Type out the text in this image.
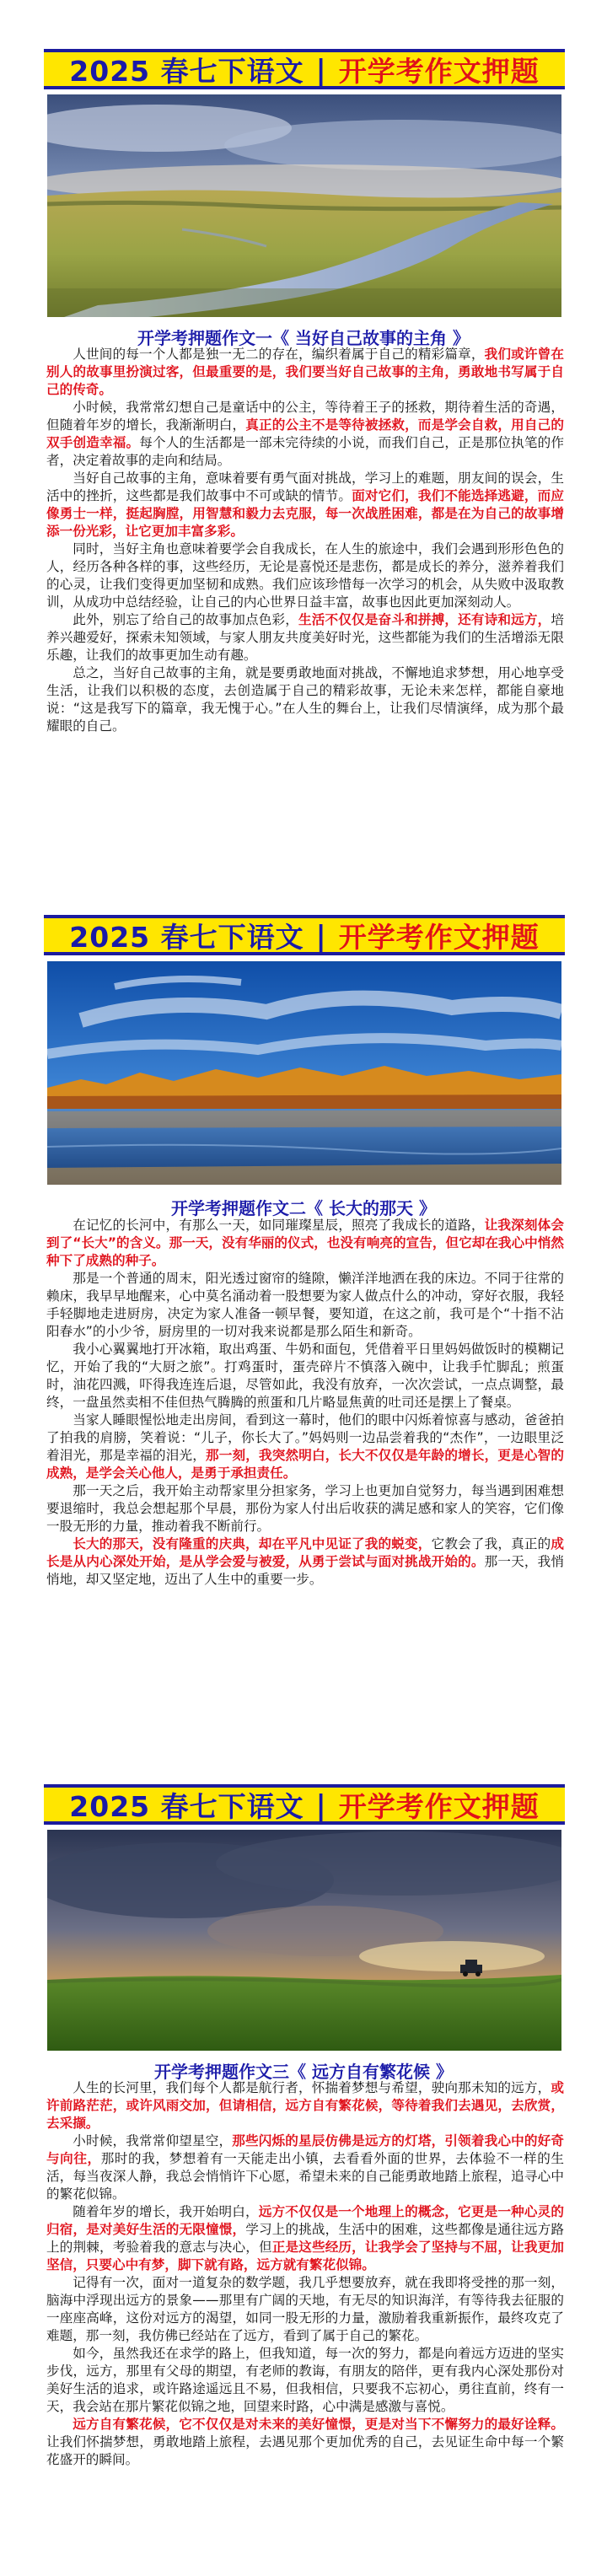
2025 春七下语文 | 开学考作文押题
开学考押题作文一《 当好自己故事的主角 》

人世间的每一个人都是独一无二的存在，编织着属于自己的精彩篇章，我们或许曾在别人的故事里扮演过客，但最重要的是，我们要当好自己故事的主角，勇敢地书写属于自己的传奇。

小时候，我常常幻想自己是童话中的公主，等待着王子的拯救，期待着生活的奇遇，但随着年岁的增长，我渐渐明白，真正的公主不是等待被拯救，而是学会自救，用自己的双手创造幸福。每个人的生活都是一部未完待续的小说，而我们自己，正是那位执笔的作者，决定着故事的走向和结局。

当好自己故事的主角，意味着要有勇气面对挑战，学习上的难题，朋友间的误会，生活中的挫折，这些都是我们故事中不可或缺的情节。面对它们，我们不能选择逃避，而应像勇士一样，挺起胸膛，用智慧和毅力去克服，每一次战胜困难，都是在为自己的故事增添一份光彩，让它更加丰富多彩。

同时，当好主角也意味着要学会自我成长，在人生的旅途中，我们会遇到形形色色的人，经历各种各样的事，这些经历，无论是喜悦还是悲伤，都是成长的养分，滋养着我们的心灵，让我们变得更加坚韧和成熟。我们应该珍惜每一次学习的机会，从失败中汲取教训，从成功中总结经验，让自己的内心世界日益丰富，故事也因此更加深刻动人。

此外，别忘了给自己的故事加点色彩，生活不仅仅是奋斗和拼搏，还有诗和远方，培养兴趣爱好，探索未知领域，与家人朋友共度美好时光，这些都能为我们的生活增添无限乐趣，让我们的故事更加生动有趣。

总之，当好自己故事的主角，就是要勇敢地面对挑战，不懈地追求梦想，用心地享受生活，让我们以积极的态度，去创造属于自己的精彩故事，无论未来怎样，都能自豪地说：“这是我写下的篇章，我无愧于心。”在人生的舞台上，让我们尽情演绎，成为那个最耀眼的自己。

2025 春七下语文 | 开学考作文押题
开学考押题作文二《 长大的那天 》

在记忆的长河中，有那么一天，如同璀璨星辰，照亮了我成长的道路，让我深刻体会到了“长大”的含义。那一天，没有华丽的仪式，也没有响亮的宣告，但它却在我心中悄然种下了成熟的种子。

那是一个普通的周末，阳光透过窗帘的缝隙，懒洋洋地洒在我的床边。不同于往常的赖床，我早早地醒来，心中莫名涌动着一股想要为家人做点什么的冲动，穿好衣服，我轻手轻脚地走进厨房，决定为家人准备一顿早餐，要知道，在这之前，我可是个“十指不沾阳春水”的小少爷，厨房里的一切对我来说都是那么陌生和新奇。

我小心翼翼地打开冰箱，取出鸡蛋、牛奶和面包，凭借着平日里妈妈做饭时的模糊记忆，开始了我的“大厨之旅”。打鸡蛋时，蛋壳碎片不慎落入碗中，让我手忙脚乱；煎蛋时，油花四溅，吓得我连连后退，尽管如此，我没有放弃，一次次尝试，一点点调整，最终，一盘虽然卖相不佳但热气腾腾的煎蛋和几片略显焦黄的吐司还是摆上了餐桌。

当家人睡眼惺忪地走出房间，看到这一幕时，他们的眼中闪烁着惊喜与感动，爸爸拍了拍我的肩膀，笑着说：“儿子，你长大了。”妈妈则一边品尝着我的“杰作”，一边眼里泛着泪光，那是幸福的泪光，那一刻，我突然明白，长大不仅仅是年龄的增长，更是心智的成熟，是学会关心他人，是勇于承担责任。

那一天之后，我开始主动帮家里分担家务，学习上也更加自觉努力，每当遇到困难想要退缩时，我总会想起那个早晨，那份为家人付出后收获的满足感和家人的笑容，它们像一股无形的力量，推动着我不断前行。

长大的那天，没有隆重的庆典，却在平凡中见证了我的蜕变，它教会了我，真正的成长是从内心深处开始，是从学会爱与被爱，从勇于尝试与面对挑战开始的。那一天，我悄悄地，却又坚定地，迈出了人生中的重要一步。

2025 春七下语文 | 开学考作文押题
开学考押题作文三《 远方自有繁花候 》

人生的长河里，我们每个人都是航行者，怀揣着梦想与希望，驶向那未知的远方，或许前路茫茫，或许风雨交加，但请相信，远方自有繁花候，等待着我们去遇见，去欣赏，去采撷。

小时候，我常常仰望星空，那些闪烁的星辰仿佛是远方的灯塔，引领着我心中的好奇与向往，那时的我，梦想着有一天能走出小镇，去看看外面的世界，去体验不一样的生活，每当夜深人静，我总会悄悄许下心愿，希望未来的自己能勇敢地踏上旅程，追寻心中的繁花似锦。

随着年岁的增长，我开始明白，远方不仅仅是一个地理上的概念，它更是一种心灵的归宿，是对美好生活的无限憧憬，学习上的挑战，生活中的困难，这些都像是通往远方路上的荆棘，考验着我的意志与决心，但正是这些经历，让我学会了坚持与不屈，让我更加坚信，只要心中有梦，脚下就有路，远方就有繁花似锦。

记得有一次，面对一道复杂的数学题，我几乎想要放弃，就在我即将受挫的那一刻，脑海中浮现出远方的景象——那里有广阔的天地，有无尽的知识海洋，有等待我去征服的一座座高峰，这份对远方的渴望，如同一股无形的力量，激励着我重新振作，最终攻克了难题，那一刻，我仿佛已经站在了远方，看到了属于自己的繁花。

如今，虽然我还在求学的路上，但我知道，每一次的努力，都是向着远方迈进的坚实步伐，远方，那里有父母的期望，有老师的教诲，有朋友的陪伴，更有我内心深处那份对美好生活的追求，或许路途遥远且不易，但我相信，只要我不忘初心，勇往直前，终有一天，我会站在那片繁花似锦之地，回望来时路，心中满是感激与喜悦。

远方自有繁花候，它不仅仅是对未来的美好憧憬，更是对当下不懈努力的最好诠释。让我们怀揣梦想，勇敢地踏上旅程，去遇见那个更加优秀的自己，去见证生命中每一个繁花盛开的瞬间。
